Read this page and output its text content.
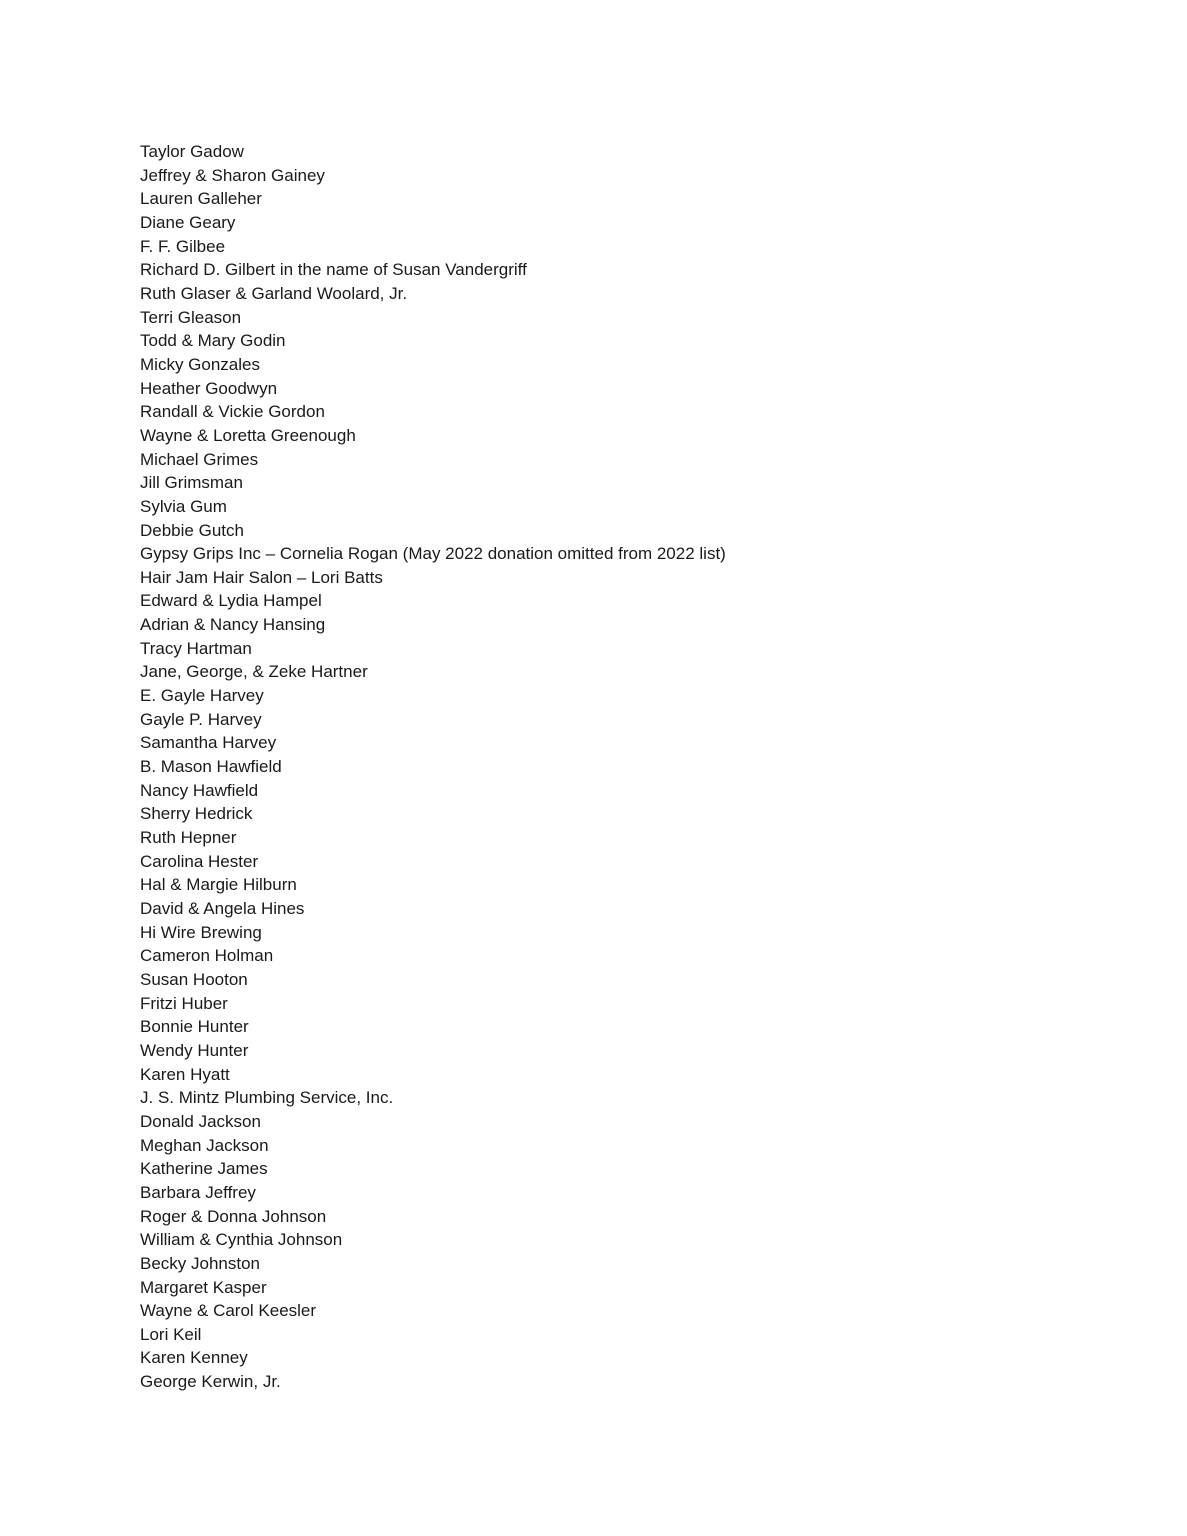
Taylor Gadow
Jeffrey & Sharon Gainey
Lauren Galleher
Diane Geary
F. F. Gilbee
Richard D. Gilbert in the name of Susan Vandergriff
Ruth Glaser & Garland Woolard, Jr.
Terri Gleason
Todd & Mary Godin
Micky Gonzales
Heather Goodwyn
Randall & Vickie Gordon
Wayne & Loretta Greenough
Michael Grimes
Jill Grimsman
Sylvia Gum
Debbie Gutch
Gypsy Grips Inc – Cornelia Rogan (May 2022 donation omitted from 2022 list)
Hair Jam Hair Salon – Lori Batts
Edward & Lydia Hampel
Adrian & Nancy Hansing
Tracy Hartman
Jane, George, & Zeke Hartner
E. Gayle Harvey
Gayle P. Harvey
Samantha Harvey
B. Mason Hawfield
Nancy Hawfield
Sherry Hedrick
Ruth Hepner
Carolina Hester
Hal & Margie Hilburn
David & Angela Hines
Hi Wire Brewing
Cameron Holman
Susan Hooton
Fritzi Huber
Bonnie Hunter
Wendy Hunter
Karen Hyatt
J. S. Mintz Plumbing Service, Inc.
Donald Jackson
Meghan Jackson
Katherine James
Barbara Jeffrey
Roger & Donna Johnson
William & Cynthia Johnson
Becky Johnston
Margaret Kasper
Wayne & Carol Keesler
Lori Keil
Karen Kenney
George Kerwin, Jr.
